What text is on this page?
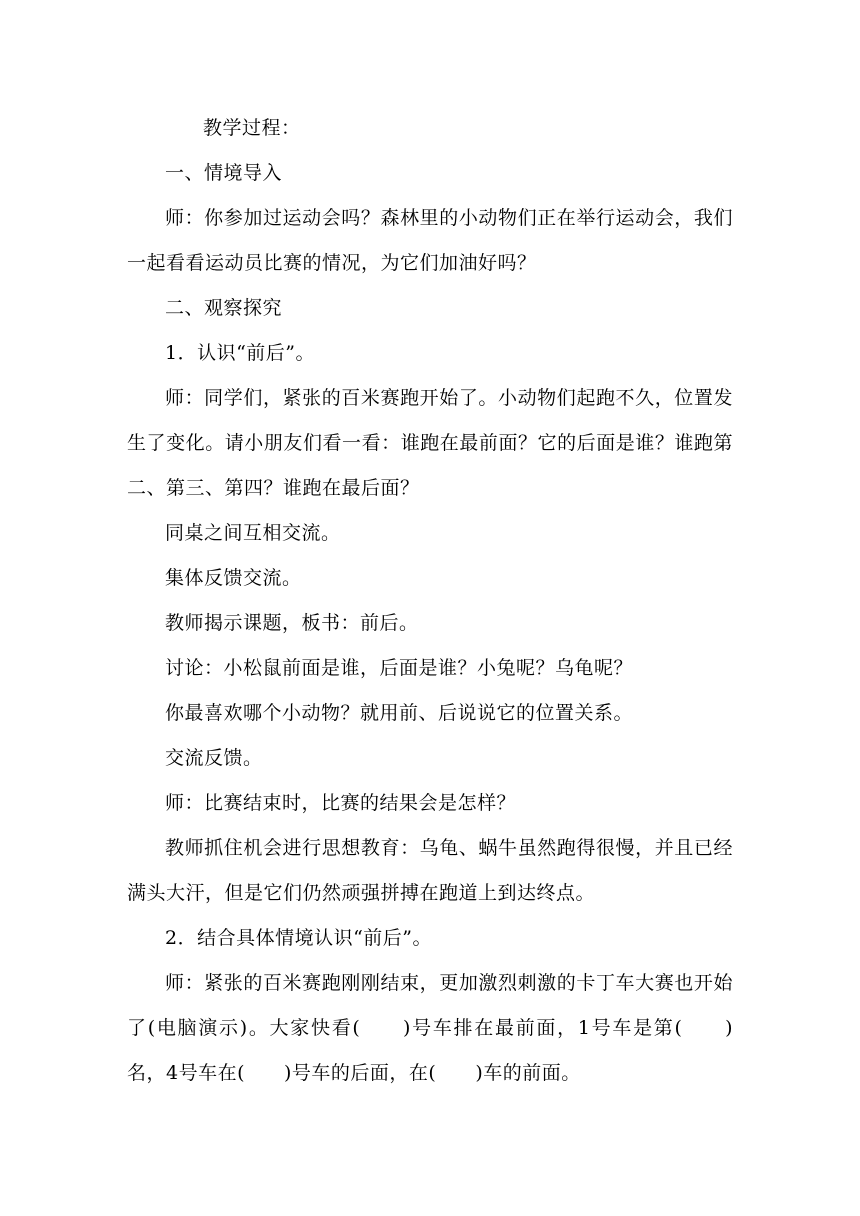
教学过程：

一、情境导入

师：你参加过运动会吗？森林里的小动物们正在举行运动会，我们一起看看运动员比赛的情况，为它们加油好吗？

二、观察探究

1．认识“前后”。

师：同学们，紧张的百米赛跑开始了。小动物们起跑不久，位置发生了变化。请小朋友们看一看：谁跑在最前面？它的后面是谁？谁跑第二、第三、第四？谁跑在最后面？

同桌之间互相交流。

集体反馈交流。

教师揭示课题，板书：前后。

讨论：小松鼠前面是谁，后面是谁？小兔呢？乌龟呢？

你最喜欢哪个小动物？就用前、后说说它的位置关系。

交流反馈。

师：比赛结束时，比赛的结果会是怎样？

教师抓住机会进行思想教育：乌龟、蜗牛虽然跑得很慢，并且已经满头大汗，但是它们仍然顽强拼搏在跑道上到达终点。

2．结合具体情境认识“前后”。

师：紧张的百米赛跑刚刚结束，更加激烈刺激的卡丁车大赛也开始了(电脑演示)。大家快看(　　)号车排在最前面，1号车是第(　　)名，4号车在(　　)号车的后面，在(　　)车的前面。
